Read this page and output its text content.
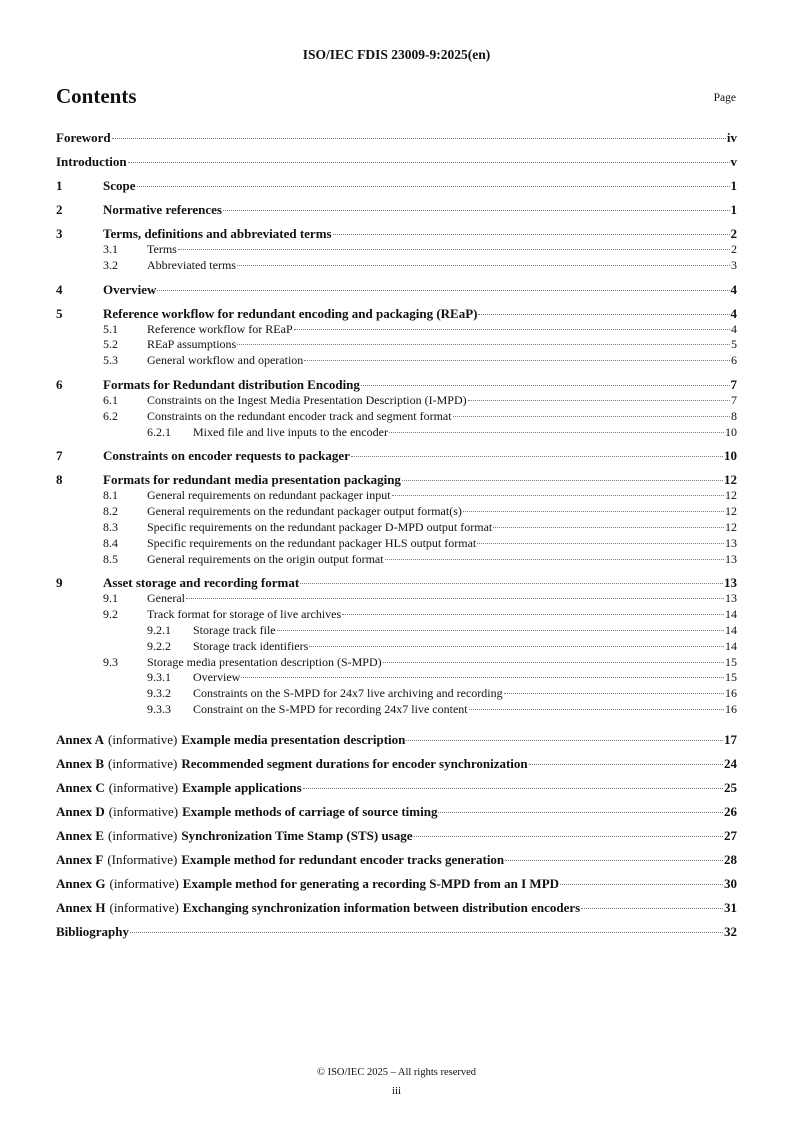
ISO/IEC FDIS 23009-9:2025(en)
Contents	Page
Foreword	iv
Introduction	v
1	Scope	1
2	Normative references	1
3	Terms, definitions and abbreviated terms	2
3.1	Terms	2
3.2	Abbreviated terms	3
4	Overview	4
5	Reference workflow for redundant encoding and packaging (REaP)	4
5.1	Reference workflow for REaP	4
5.2	REaP assumptions	5
5.3	General workflow and operation	6
6	Formats for Redundant distribution Encoding	7
6.1	Constraints on the Ingest Media Presentation Description (I-MPD)	7
6.2	Constraints on the redundant encoder track and segment format	8
6.2.1	Mixed file and live inputs to the encoder	10
7	Constraints on encoder requests to packager	10
8	Formats for redundant media presentation packaging	12
8.1	General requirements on redundant packager input	12
8.2	General requirements on the redundant packager output format(s)	12
8.3	Specific requirements on the redundant packager D-MPD output format	12
8.4	Specific requirements on the redundant packager HLS output format	13
8.5	General requirements on the origin output format	13
9	Asset storage and recording format	13
9.1	General	13
9.2	Track format for storage of live archives	14
9.2.1	Storage track file	14
9.2.2	Storage track identifiers	14
9.3	Storage media presentation description (S-MPD)	15
9.3.1	Overview	15
9.3.2	Constraints on the S-MPD for 24x7 live archiving and recording	16
9.3.3	Constraint on the S-MPD for recording 24x7 live content	16
Annex A (informative) Example media presentation description	17
Annex B (informative) Recommended segment durations for encoder synchronization	24
Annex C (informative) Example applications	25
Annex D (informative) Example methods of carriage of source timing	26
Annex E (informative) Synchronization Time Stamp (STS) usage	27
Annex F (Informative) Example method for redundant encoder tracks generation	28
Annex G (informative) Example method for generating a recording S-MPD from an I MPD	30
Annex H (informative) Exchanging synchronization information between distribution encoders	31
Bibliography	32
© ISO/IEC 2025 – All rights reserved
iii
